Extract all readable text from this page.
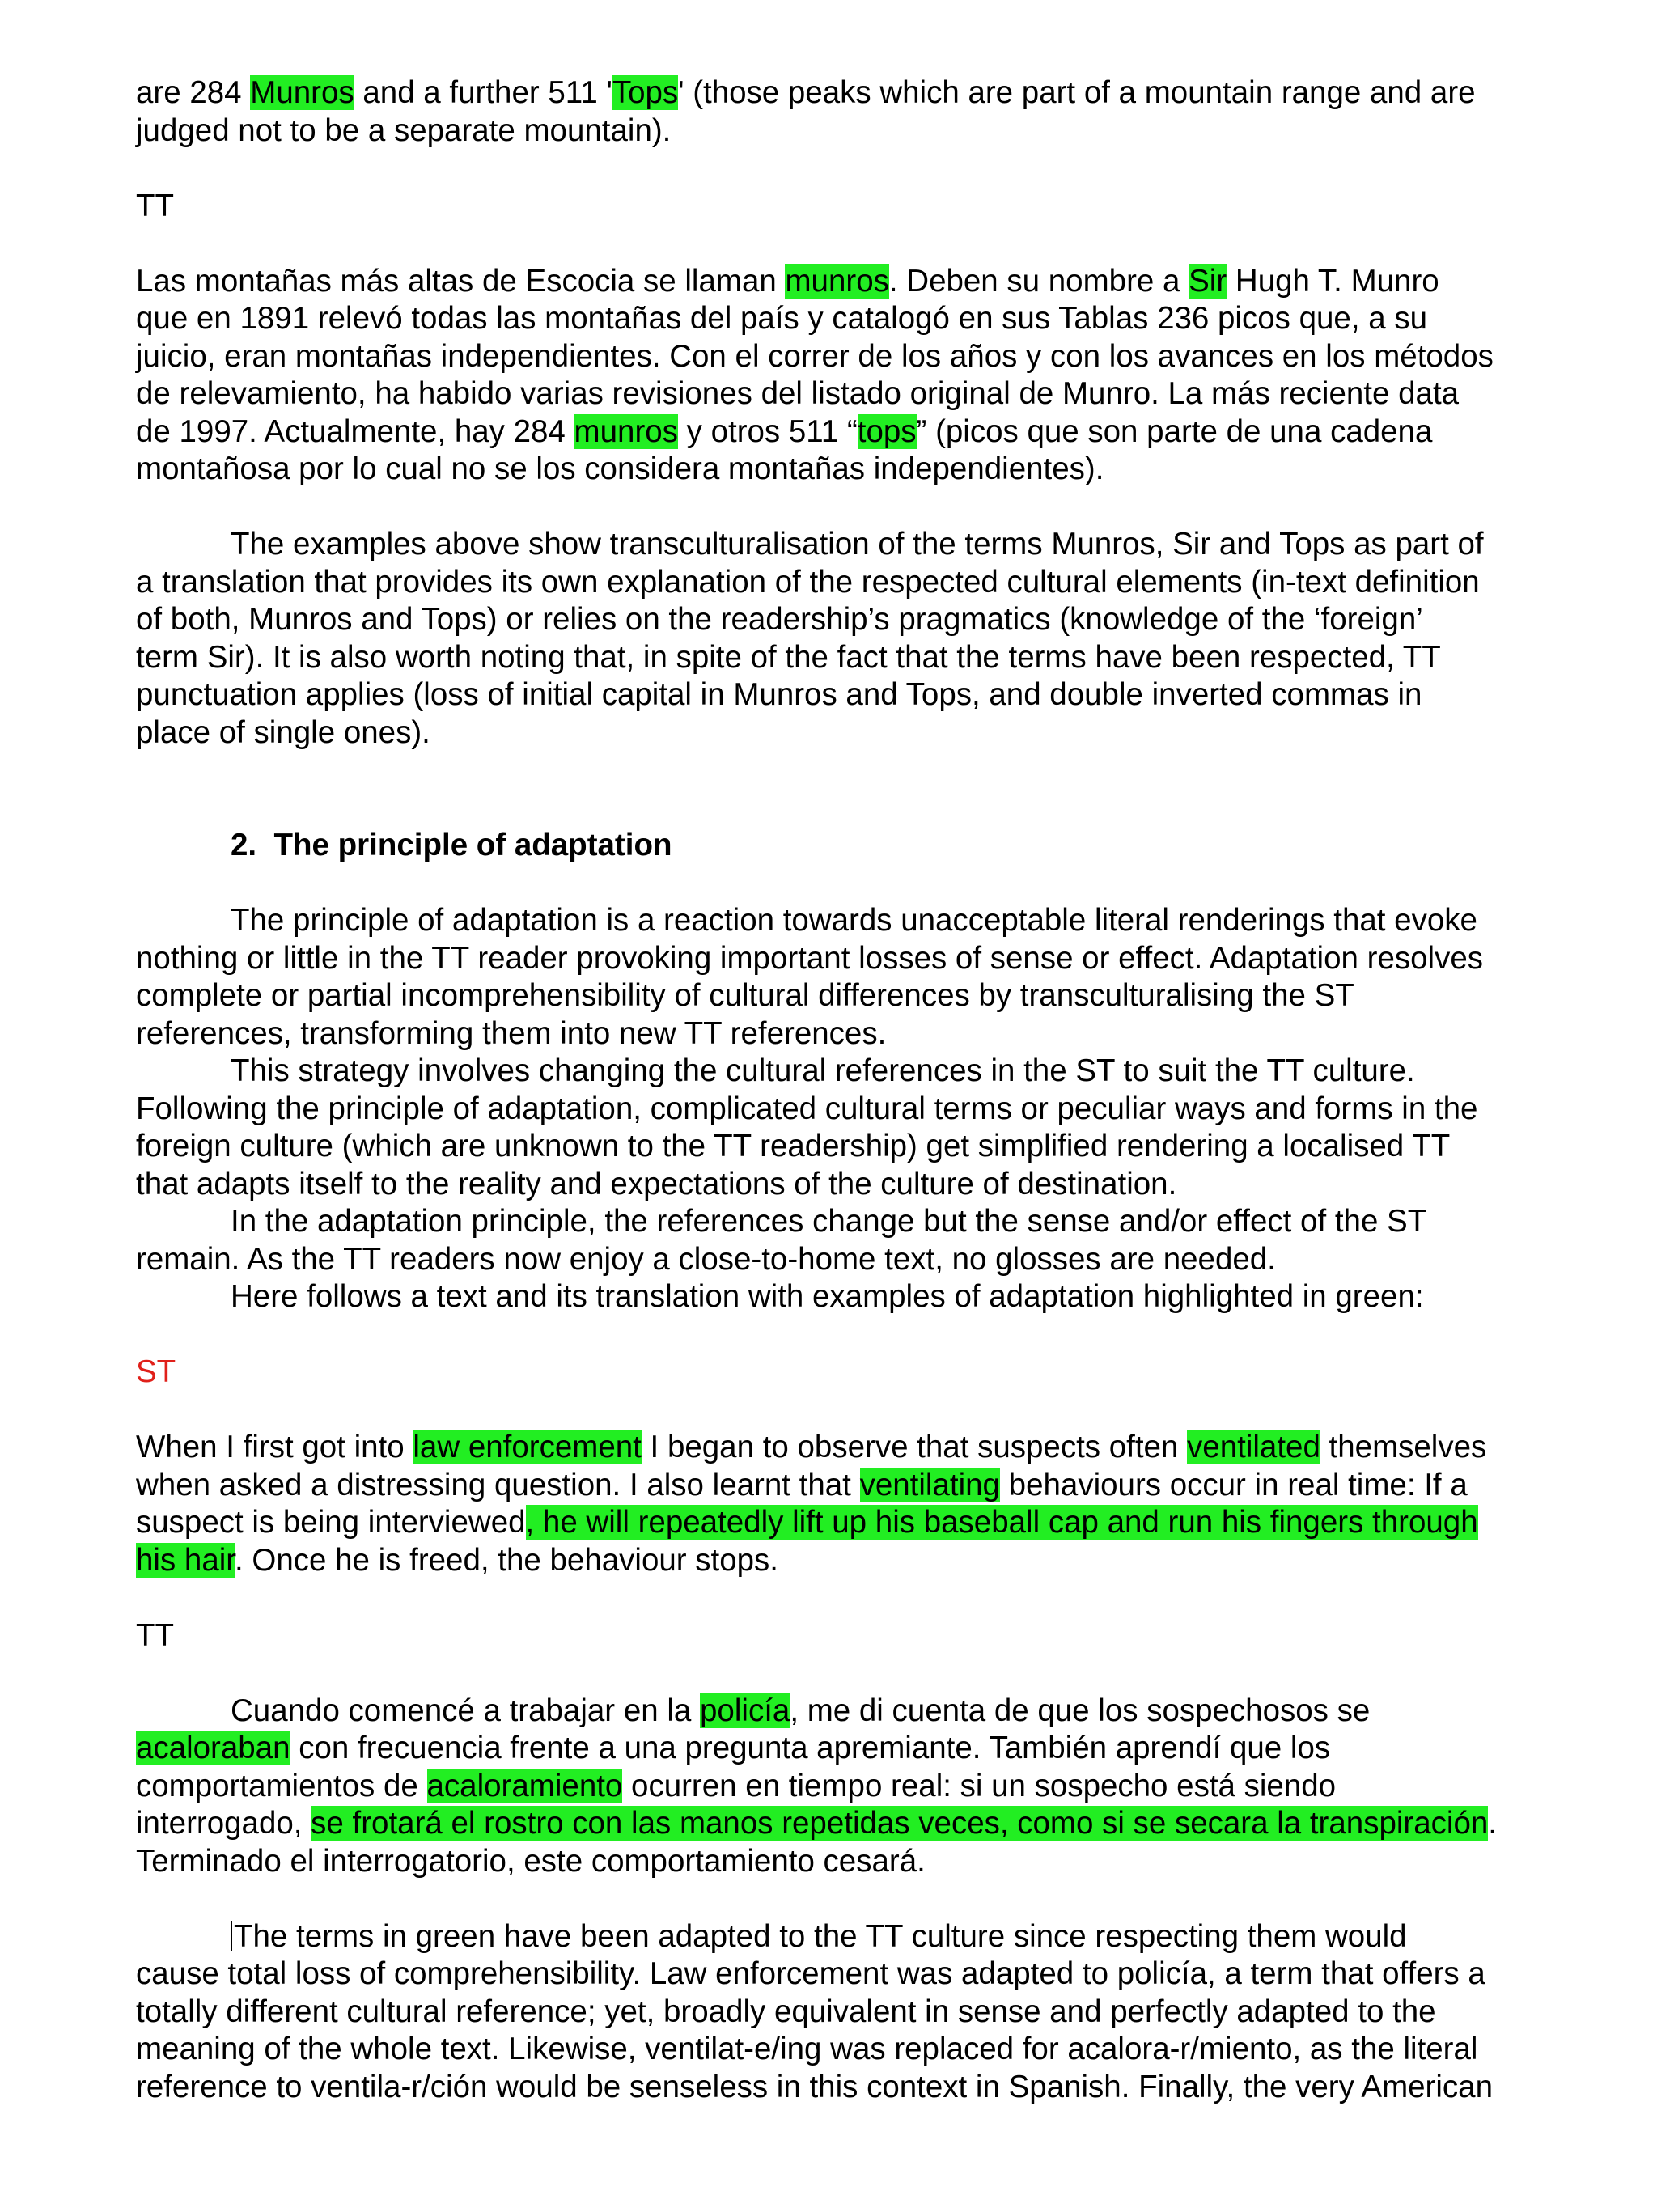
are 284 Munros and a further 511 'Tops' (those peaks which are part of a mountain range and are
judged not to be a separate mountain).
TT
Las montañas más altas de Escocia se llaman munros. Deben su nombre a Sir Hugh T. Munro
que en 1891 relevó todas las montañas del país y catalogó en sus Tablas 236 picos que, a su
juicio, eran montañas independientes. Con el correr de los años y con los avances en los métodos
de relevamiento, ha habido varias revisiones del listado original de Munro. La más reciente data
de 1997. Actualmente, hay 284 munros y otros 511 “tops” (picos que son parte de una cadena
montañosa por lo cual no se los considera montañas independientes).
The examples above show transculturalisation of the terms Munros, Sir and Tops as part of
a translation that provides its own explanation of the respected cultural elements (in-text definition
of both, Munros and Tops) or relies on the readership’s pragmatics (knowledge of the ‘foreign’
term Sir). It is also worth noting that, in spite of the fact that the terms have been respected, TT
punctuation applies (loss of initial capital in Munros and Tops, and double inverted commas in
place of single ones).
2. The principle of adaptation
The principle of adaptation is a reaction towards unacceptable literal renderings that evoke
nothing or little in the TT reader provoking important losses of sense or effect. Adaptation resolves
complete or partial incomprehensibility of cultural differences by transculturalising the ST
references, transforming them into new TT references.
This strategy involves changing the cultural references in the ST to suit the TT culture.
Following the principle of adaptation, complicated cultural terms or peculiar ways and forms in the
foreign culture (which are unknown to the TT readership) get simplified rendering a localised TT
that adapts itself to the reality and expectations of the culture of destination.
In the adaptation principle, the references change but the sense and/or effect of the ST
remain. As the TT readers now enjoy a close-to-home text, no glosses are needed.
Here follows a text and its translation with examples of adaptation highlighted in green:
ST
When I first got into law enforcement I began to observe that suspects often ventilated themselves
when asked a distressing question. I also learnt that ventilating behaviours occur in real time: If a
suspect is being interviewed, he will repeatedly lift up his baseball cap and run his fingers through
his hair. Once he is freed, the behaviour stops.
TT
Cuando comencé a trabajar en la policía, me di cuenta de que los sospechosos se
acaloraban con frecuencia frente a una pregunta apremiante. También aprendí que los
comportamientos de acaloramiento ocurren en tiempo real: si un sospecho está siendo
interrogado, se frotará el rostro con las manos repetidas veces, como si se secara la transpiración.
Terminado el interrogatorio, este comportamiento cesará.
The terms in green have been adapted to the TT culture since respecting them would
cause total loss of comprehensibility. Law enforcement was adapted to policía, a term that offers a
totally different cultural reference; yet, broadly equivalent in sense and perfectly adapted to the
meaning of the whole text. Likewise, ventilat-e/ing was replaced for acalora-r/miento, as the literal
reference to ventila-r/ción would be senseless in this context in Spanish. Finally, the very American
